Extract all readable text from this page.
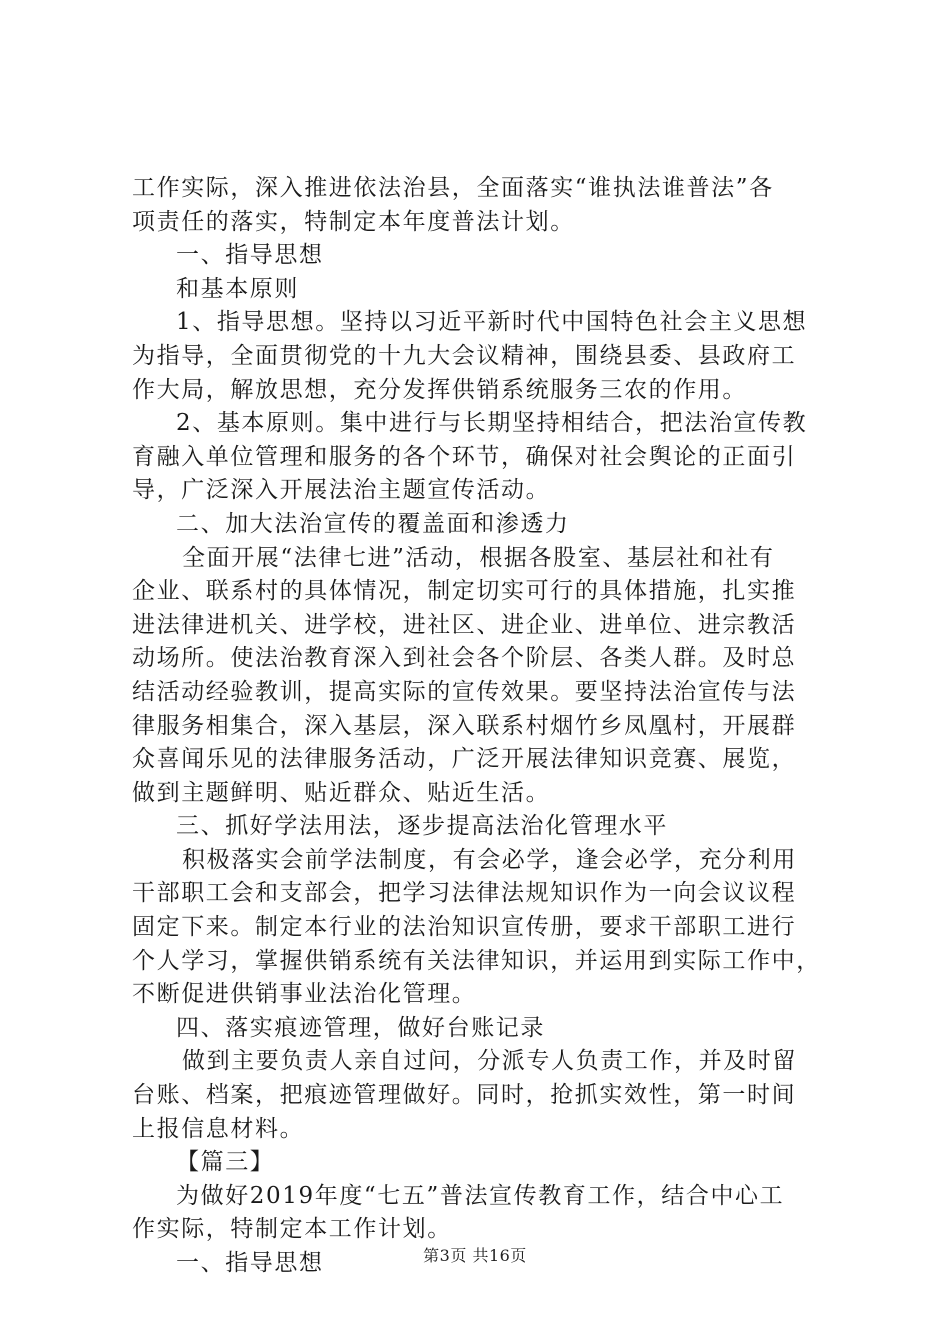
工作实际，深入推进依法治县，全面落实“谁执法谁普法”各
项责任的落实，特制定本年度普法计划。
一、指导思想
和基本原则
1、指导思想。坚持以习近平新时代中国特色社会主义思想
为指导，全面贯彻党的十九大会议精神，围绕县委、县政府工
作大局，解放思想，充分发挥供销系统服务三农的作用。
2、基本原则。集中进行与长期坚持相结合，把法治宣传教
育融入单位管理和服务的各个环节，确保对社会舆论的正面引
导，广泛深入开展法治主题宣传活动。
二、加大法治宣传的覆盖面和渗透力
全面开展“法律七进”活动，根据各股室、基层社和社有
企业、联系村的具体情况，制定切实可行的具体措施，扎实推
进法律进机关、进学校，进社区、进企业、进单位、进宗教活
动场所。使法治教育深入到社会各个阶层、各类人群。及时总
结活动经验教训，提高实际的宣传效果。要坚持法治宣传与法
律服务相集合，深入基层，深入联系村烟竹乡凤凰村，开展群
众喜闻乐见的法律服务活动，广泛开展法律知识竞赛、展览，
做到主题鲜明、贴近群众、贴近生活。
三、抓好学法用法，逐步提高法治化管理水平
积极落实会前学法制度，有会必学，逢会必学，充分利用
干部职工会和支部会，把学习法律法规知识作为一向会议议程
固定下来。制定本行业的法治知识宣传册，要求干部职工进行
个人学习，掌握供销系统有关法律知识，并运用到实际工作中，
不断促进供销事业法治化管理。
四、落实痕迹管理，做好台账记录
做到主要负责人亲自过问，分派专人负责工作，并及时留
台账、档案，把痕迹管理做好。同时，抢抓实效性，第一时间
上报信息材料。
【篇三】
为做好2019年度“七五”普法宣传教育工作，结合中心工
作实际，特制定本工作计划。
一、指导思想	第3页 共16页
